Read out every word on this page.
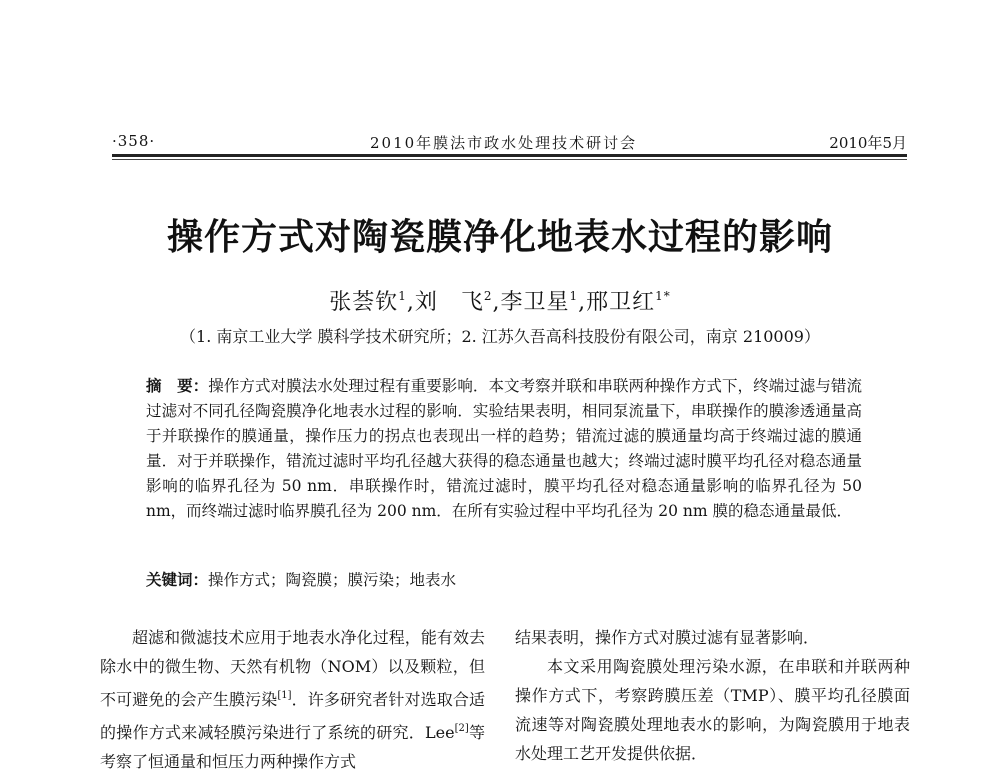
·358·	2010年膜法市政水处理技术研讨会	2010年5月
操作方式对陶瓷膜净化地表水过程的影响
张荟钦$^1$,刘　飞$^2$,李卫星$^1$,邢卫红$^{1*}$
（1. 南京工业大学 膜科学技术研究所；2. 江苏久吾高科技股份有限公司，南京 210009）
摘　要：操作方式对膜法水处理过程有重要影响．本文考察并联和串联两种操作方式下，终端过滤与错流过滤对不同孔径陶瓷膜净化地表水过程的影响．实验结果表明，相同泵流量下，串联操作的膜渗透通量高于并联操作的膜通量，操作压力的拐点也表现出一样的趋势；错流过滤的膜通量均高于终端过滤的膜通量．对于并联操作，错流过滤时平均孔径越大获得的稳态通量也越大；终端过滤时膜平均孔径对稳态通量影响的临界孔径为 50 nm．串联操作时，错流过滤时，膜平均孔径对稳态通量影响的临界孔径为 50 nm，而终端过滤时临界膜孔径为 200 nm．在所有实验过程中平均孔径为 20 nm 膜的稳态通量最低．
关键词：操作方式；陶瓷膜；膜污染；地表水

超滤和微滤技术应用于地表水净化过程，能有效去除水中的微生物、天然有机物（NOM）以及颗粒，但不可避免的会产生膜污染[1]．许多研究者针对选取合适的操作方式来减轻膜污染进行了系统的研究．Lee[2]等考察了恒通量和恒压力两种操作方式

结果表明，操作方式对膜过滤有显著影响．

本文采用陶瓷膜处理污染水源，在串联和并联两种操作方式下，考察跨膜压差（TMP）、膜平均孔径膜面流速等对陶瓷膜处理地表水的影响，为陶瓷膜用于地表水处理工艺开发提供依据．
